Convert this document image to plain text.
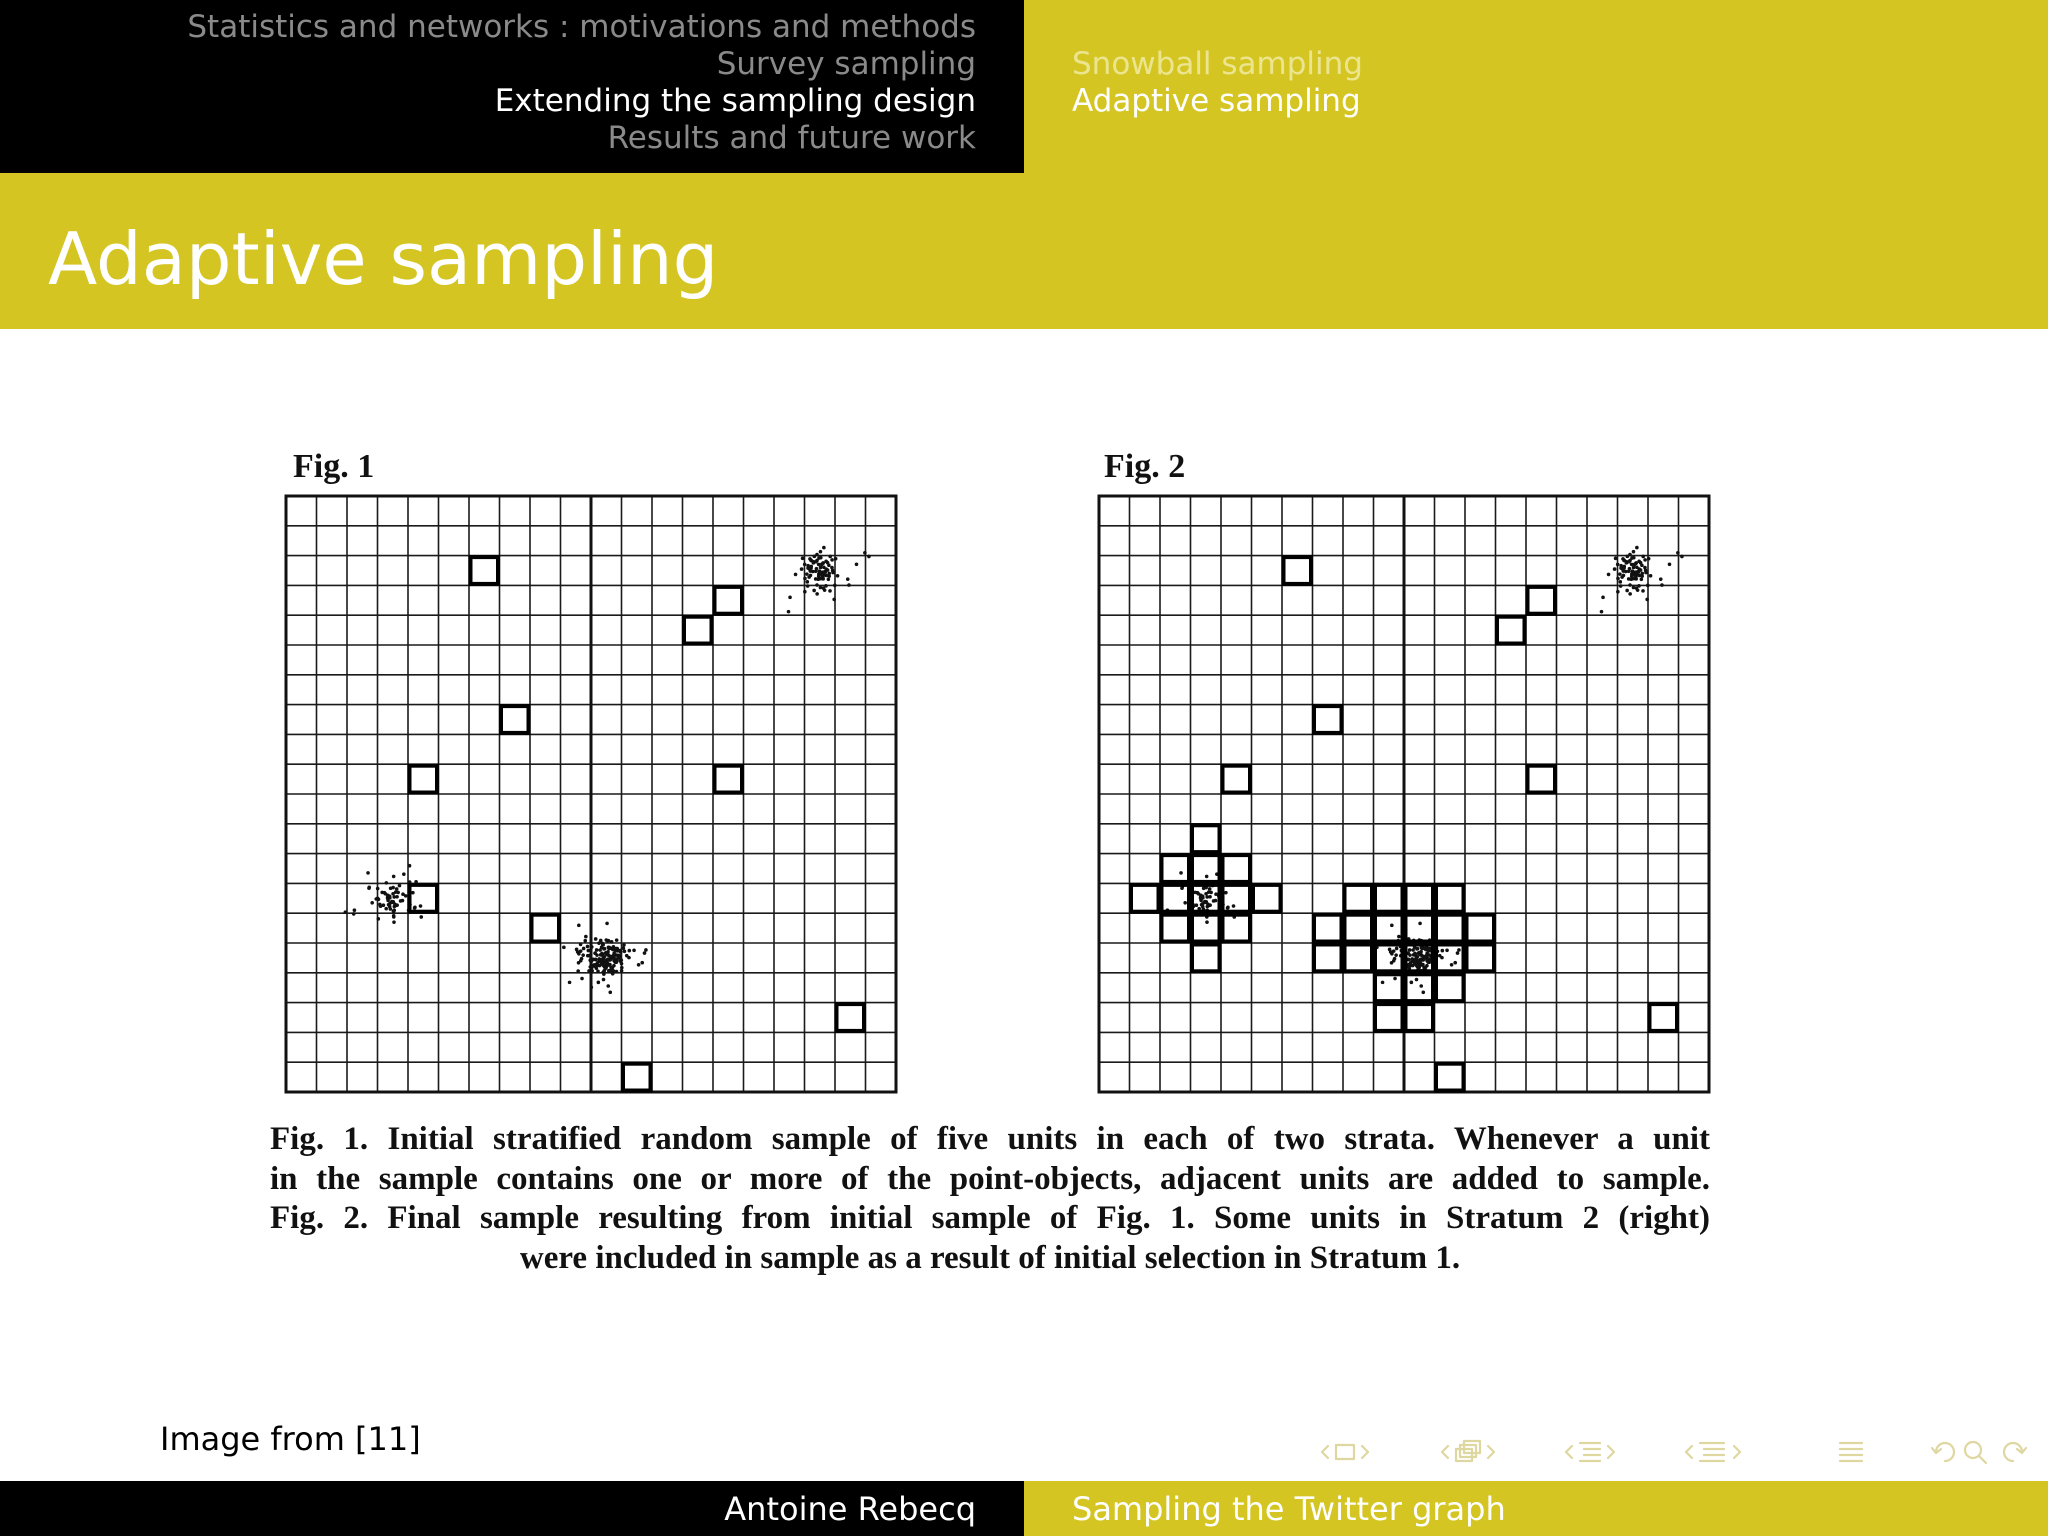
Statistics and networks : motivations and methods
Survey sampling
Extending the sampling design
Results and future work
Snowball sampling
Adaptive sampling
Adaptive sampling
Fig. 1	Fig. 2
Fig. 1. Initial stratified random sample of five units in each of two strata. Whenever a unit
in the sample contains one or more of the point-objects, adjacent units are added to sample.
Fig. 2. Final sample resulting from initial sample of Fig. 1. Some units in Stratum 2 (right)
were included in sample as a result of initial selection in Stratum 1.
Image from [11]
Antoine Rebecq	Sampling the Twitter graph
